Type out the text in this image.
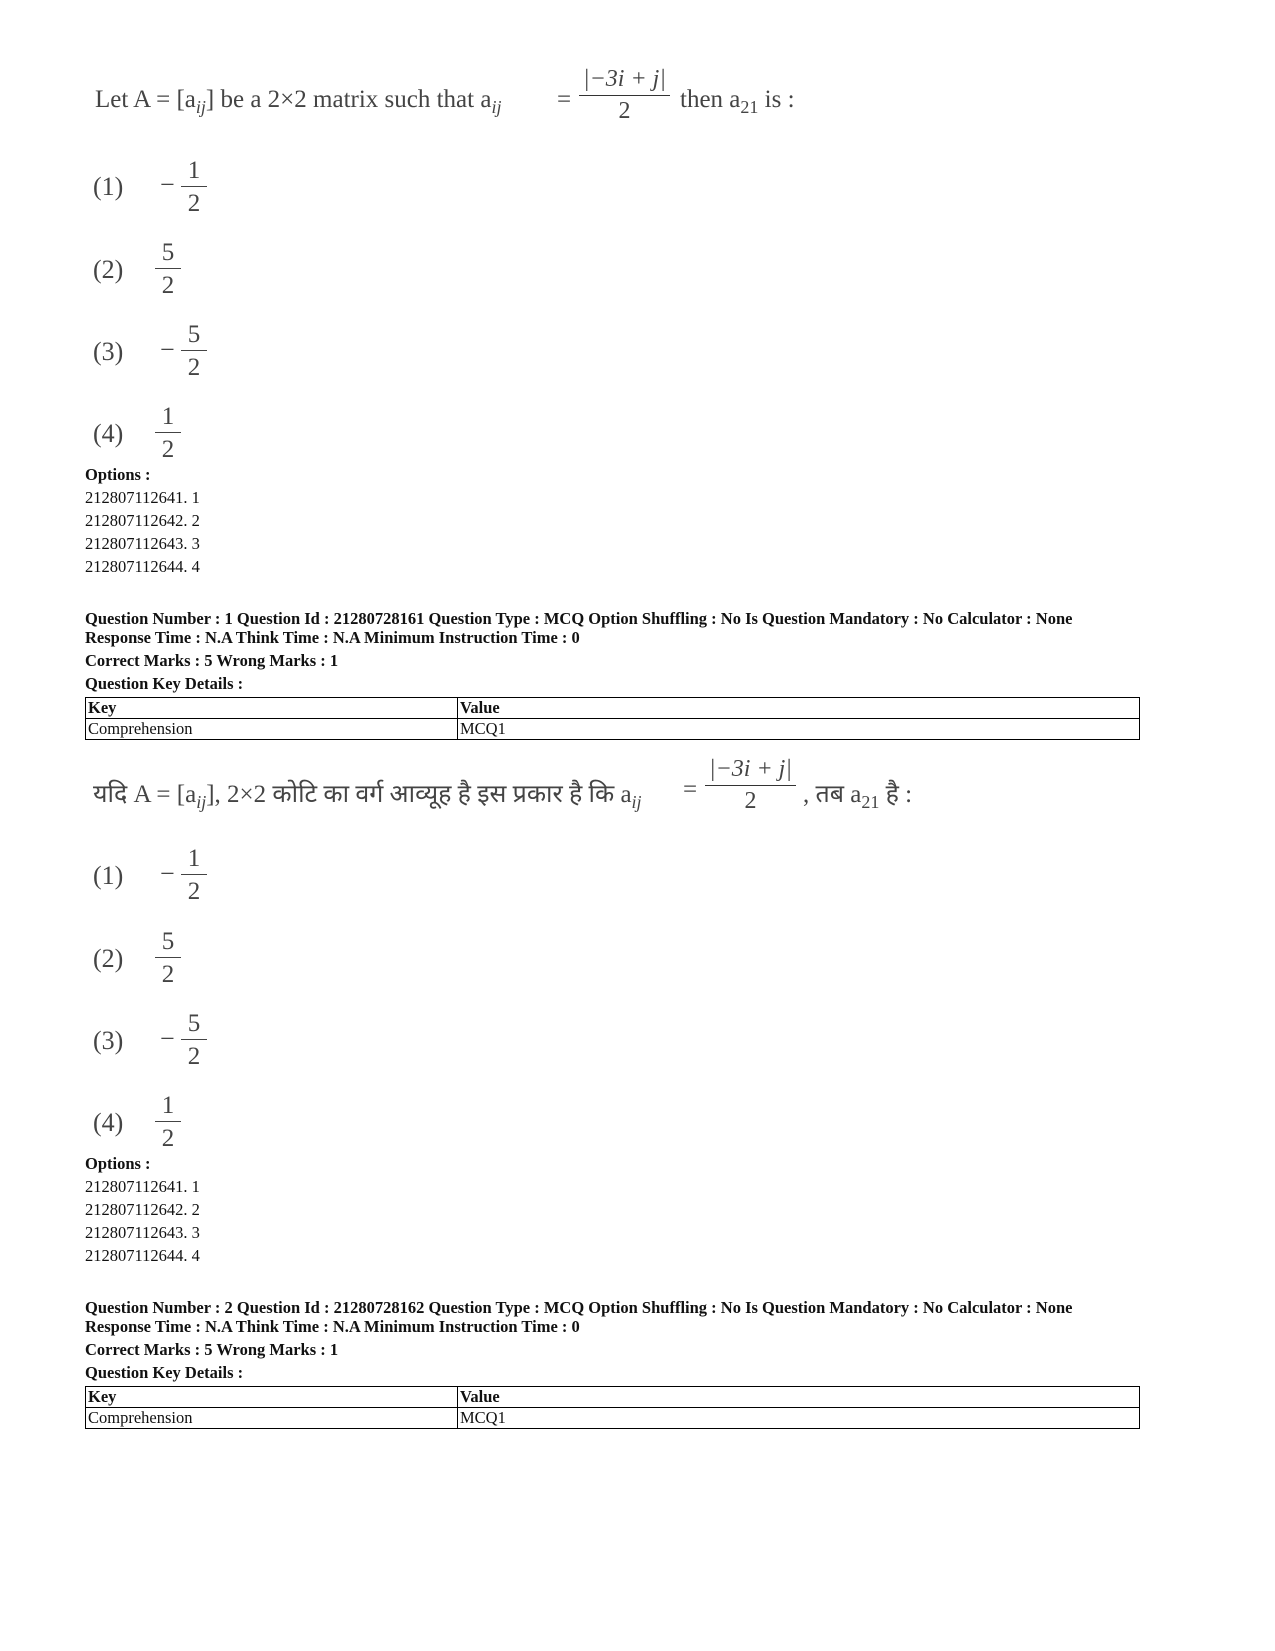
Let $A = [a_{ij}]$ be a 2×2 matrix such that $a_{ij} = \frac{|-3i + j|}{2}$ then $a_{21}$ is :
(1) − 1
2
(2)
5
2
(3) −
5
2
(4)
1
2
Options :
212807112641. 1
212807112642. 2
212807112643. 3
212807112644. 4
Question Number : 1 Question Id : 21280728161 Question Type : MCQ Option Shuffling : No Is Question Mandatory : No Calculator : None
Response Time : N.A Think Time : N.A Minimum Instruction Time : 0
Correct Marks : 5 Wrong Marks : 1
Question Key Details :
Key	Value
Comprehension	MCQ1
यदि $A = [a_{ij}]$, 2×2 कोटि का वर्ग आव्यूह है इस प्रकार है कि $a_{ij} = \frac{|-3i + j|}{2}$ , तब $a_{21}$ है :
(1) −
1
2
(2)
5
2
(3) −
5
2
(4)
1
2
Options :
212807112641. 1
212807112642. 2
212807112643. 3
212807112644. 4
Question Number : 2 Question Id : 21280728162 Question Type : MCQ Option Shuffling : No Is Question Mandatory : No Calculator : None
Response Time : N.A Think Time : N.A Minimum Instruction Time : 0
Correct Marks : 5 Wrong Marks : 1
Question Key Details :
Key	Value
Comprehension	MCQ1
